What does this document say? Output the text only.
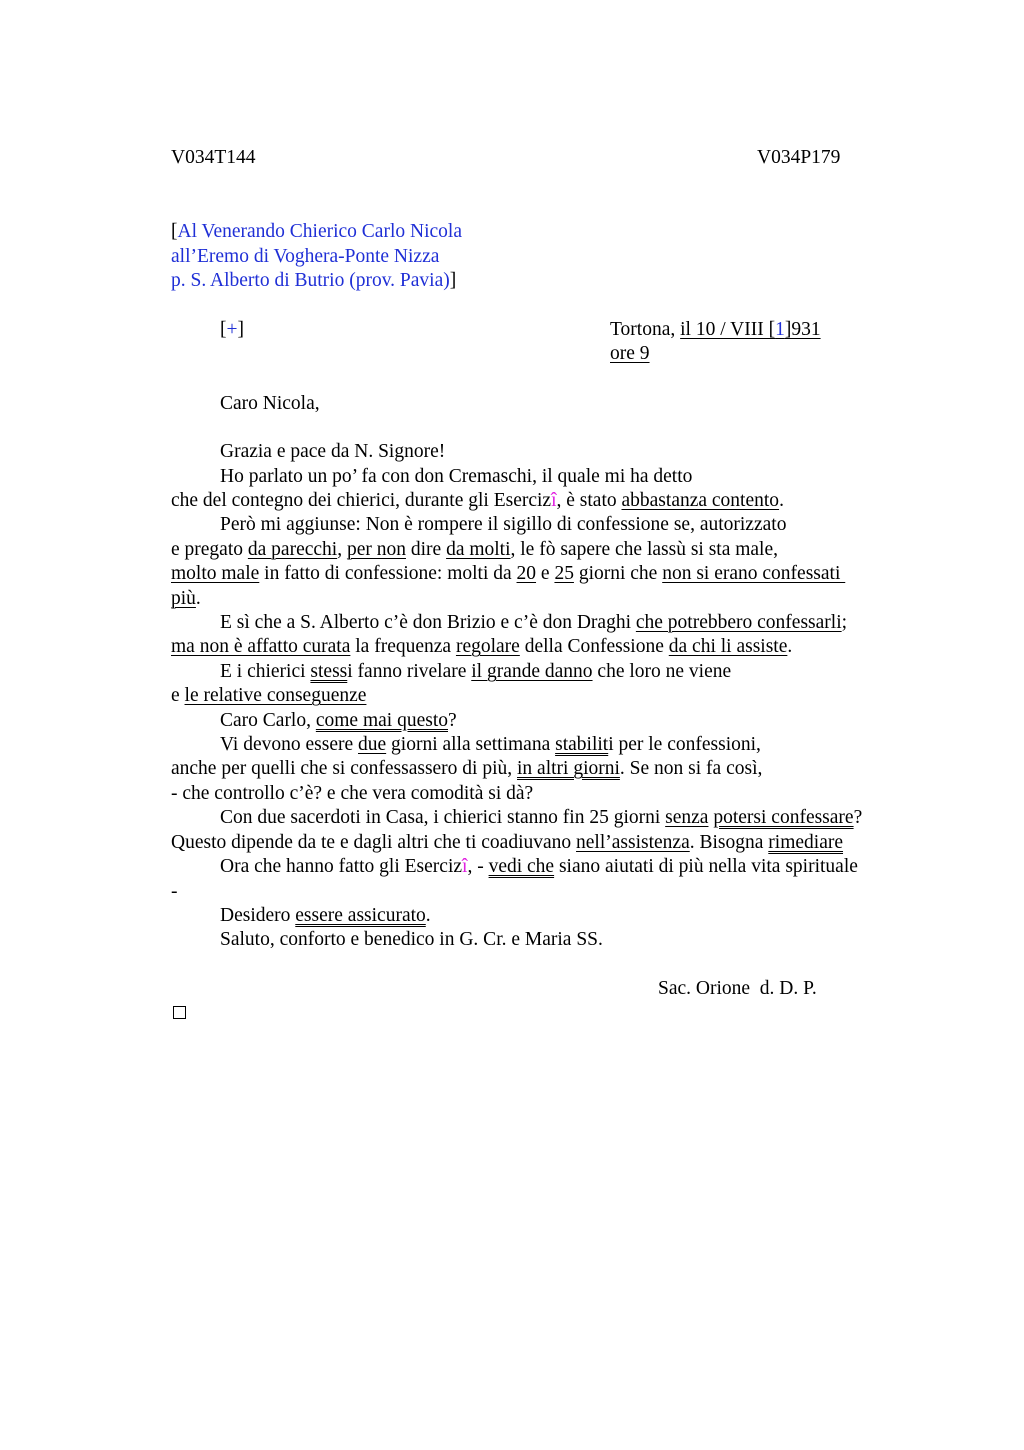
V034T144	V034P179
[Al Venerando Chierico Carlo Nicola
all’Eremo di Voghera-Ponte Nizza
p. S. Alberto di Butrio (prov. Pavia)]
[+]	Tortona, il 10 / VIII [1]931
ore 9
Caro Nicola,
Grazia e pace da N. Signore!
Ho parlato un po’ fa con don Cremaschi, il quale mi ha detto
che del contegno dei chierici, durante gli Esercizî, è stato abbastanza contento.
Però mi aggiunse: Non è rompere il sigillo di confessione se, autorizzato
e pregato da parecchi, per non dire da molti, le fò sapere che lassù si sta male,
molto male in fatto di confessione: molti da 20 e 25 giorni che non si erano confessati
più.
E sì che a S. Alberto c’è don Brizio e c’è don Draghi che potrebbero confessarli;
ma non è affatto curata la frequenza regolare della Confessione da chi li assiste.
E i chierici stessi fanno rivelare il grande danno che loro ne viene
e le relative conseguenze
Caro Carlo, come mai questo?
Vi devono essere due giorni alla settimana stabiliti per le confessioni,
anche per quelli che si confessassero di più, in altri giorni. Se non si fa così,
- che controllo c’è? e che vera comodità si dà?
Con due sacerdoti in Casa, i chierici stanno fin 25 giorni senza potersi confessare?
Questo dipende da te e dagli altri che ti coadiuvano nell’assistenza. Bisogna rimediare
Ora che hanno fatto gli Esercizî, - vedi che siano aiutati di più nella vita spirituale
-
Desidero essere assicurato.
Saluto, conforto e benedico in G. Cr. e Maria SS.
Sac. Orione  d. D. P.
